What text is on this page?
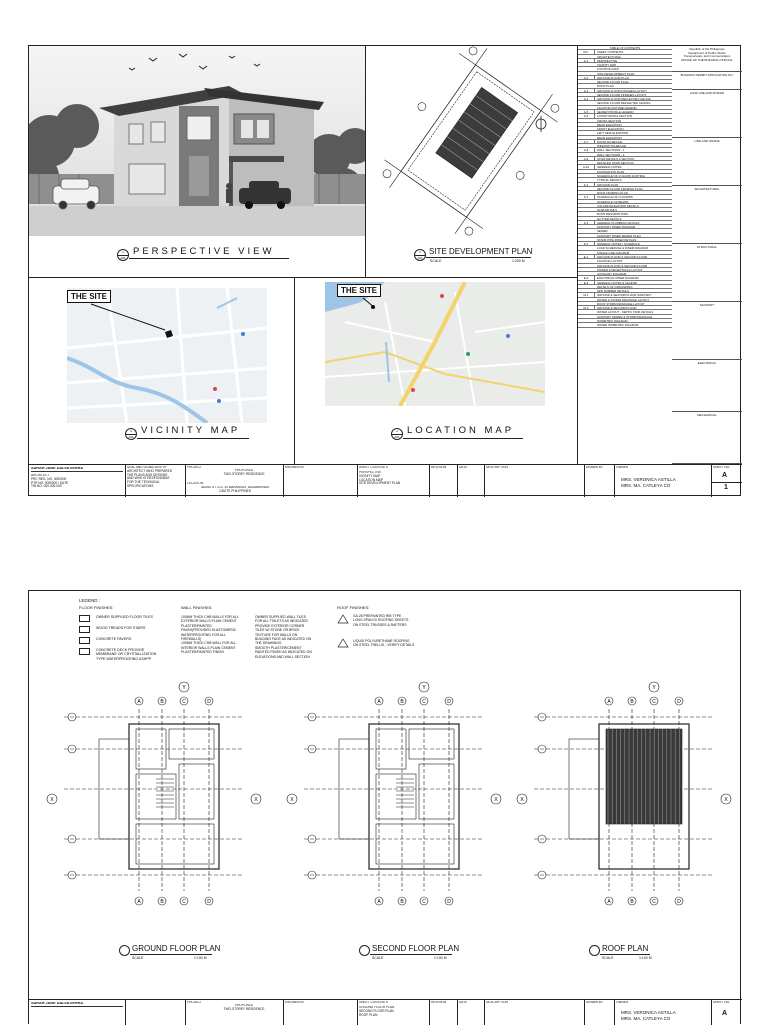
1
A01
PERSPECTIVE VIEW	2
A01
SITE DEVELOPMENT PLAN
SCALE	1:200 M
THE SITE
3
A01
VICINITY MAP
THE SITE
4
A01
LOCATION MAP
TABLE OF CONTENTS
NO.	SHEET CONTENTS
ARCHITECTURAL
A-1	PERSPECTIVE
VICINITY MAP
LOCATION MAP
SITE DEVELOPMENT PLAN
A-2	GROUND FLOOR PLAN
SECOND FLOOR PLAN
ROOF PLAN
A-3	GROUND FLOOR FINISHES LAYOUT
SECOND FLOOR FINISHES LAYOUT
A-4	GROUND FLOOR REFLECTED CEILING
SECOND FLOOR REFLECTED CEILING
LIGHTING FIXTURE LEGEND
A-5	SEWER PROFILE LEGEND
A-6	LONGITUDINAL SECTION
CROSS SECTION
REAR ELEVATION
FRONT ELEVATION
LEFT SIDE ELEVATION
REAR ELEVATION
A-7	DOOR SCHEDULE
WINDOW SCHEDULE
A-8	WALL SECTIONS - 1
WALL SECTIONS - 2
A-9	STAIR DETAILS & SECTION
DETAILED STAIR SECTION
A-10	GENERAL NOTES
FOUNDATION PLAN
SCHEDULE OF COLUMN FOOTING
TYPICAL DETAILS
S-1	GROUND PLAN
SECOND FLOOR FRAMING PLAN
ROOF FRAMING PLAN
S-2	SCHEDULE OF COLUMNS
SCHEDULE OF BEAMS
COLUMN ELEVATION DETAILS
SLAB DETAILS
ROOF DESCRIPTIONS
GUTTER DETAILS
S-3	GENERAL PLUMBING DETAILS
SANITARY RISER DIAGRAM
SEWER
SANITARY RISER SEWER PLAN
STAND PIPE RISER DETAILS
P-1	GENERAL NOTES / SCHEDULE
LOAD SCHEDULE & RISER DIAGRAM
SINGLE LINE DIAGRAM
E-1	GROUND FLOOR & SECOND FLOOR
LIGHTING LAYOUT
GROUND FLOOR & SECOND FLOOR
POWER & RECEPTACLE LAYOUT
AUXILIARY DIAGRAM
E-2	ELECTRICAL RISER DIAGRAM
E-3	GENERAL NOTES & LEGEND
DETAILS OF GROUNDING
SPD NUMBER DETAILS
M-1	GROUND & SECOND FLOOR SANITARY
WATER & STORM DRAINAGE LAYOUT
ROOF STORM DRAINAGE LAYOUT
M-2	GROUND & SECOND FLOOR
WATER LAYOUT - SEPTIC TANK DETAILS
SANITARY SEWER & STORM DRAINAGE
ISOMETRIC DIAGRAM
WATER ISOMETRIC DIAGRAM
Republic of the Philippines
Department of Public Works
Transportation and Communication
OFFICE OF THE BUILDING OFFICIAL
BUILDING PERMIT APPLICATION NO.
LAND USE AND ZONING
LINE AND GRADE
ARCHITECTURAL
STRUCTURAL
SANITARY
ELECTRICAL
MECHANICAL
SARAH JANE DALVATIERRA
ARCHITECT
PRC REG. NO. 0000000
PTR NO. 0000000 / DATE
TIN NO. 000-000-000
SEAL AND SIGNATURE OF
ARCHITECT WHO PREPARED
THE PLANS AND DESIGNS
AND WHO IS RESPONSIBLE
FOR THE TECHNICAL
SPECIFICATIONS
PROJECT
PROPOSED
TWO-STOREY RESIDENCE
LOCATION
TAGBO ST. LOT 20 BARANGAY, DASMARIÑAS,
CAVITE PHILIPPINES
ENGINEERS	SHEET CONTENTS
PERSPECTIVE
VICINITY MAP
LOCATION MAP
SITE DEVELOPMENT PLAN
REVISION	DATE	DESCRIPTION	DRAWN BY	OWNER
MRS. VERONICA ASTILLA
MRS. MA. CATLEYA CO
SHEET NO.
A
1
LEGEND :
FLOOR FINISHES:
OWNER SUPPLIED FLOOR TILES
WOOD TREADS FOR STAIRS
CONCRETE PAVERS
CONCRETE DECK PROVIDE
MEMBRANE OR CRYSTALLIZATION
TYPE WATERPROOFING ASHPP
WALL FINISHES:
100MM THICK CHB WALLS FOR ALL
EXTERIOR WALLS PLAIN CEMENT
PLASTER/PAINTED
FINISH(PROVIDED ELASTOMERIC
WATERPROOFING FOR ALL
FIREWALLS)
100MM THICK CHB WALL FOR ALL
INTERIOR WALLS PLAIN CEMENT
PLASTER/PAINTED FINISH
OWNER SUPPLIED WALL TILES
FOR ALL TOILETS AS INDICATED
PROVIDE EXTERIOR CORNER
TILES W/ STONE OR BRICK
TEXTURE FOR WALLS ON
BUILDING FACE AS INDICATED ON
THE DRAWINGS
SMOOTH PLASTER/CEMENT
PAINTED FINISH AS INDICATED ON
ELEVATIONS AND WALL SECTION
ROOF FINISHES:
GA.26 PREPAINTED RIB TYPE
LONG SPAN GI ROOFING SHEETS
ON STEEL TRUSSES & RAFTERS
LIQUID POLYURETHANE ROOFING
ON STEEL TRELLIS - VERIFY DETAILS
A
A
B
B
C
C
D
D
Y
X	X
GROUND FLOOR PLAN
SCALE	1:100 M
A
A
B
B
C
C
D
D
Y
X	X
SECOND FLOOR PLAN
SCALE	1:100 M
A
A
B
B
C
C
D
D
Y
X	X
ROOF PLAN
SCALE	1:100 M
SARAH JANE DALVATIERRA	PROJECT
PROPOSED
TWO-STOREY RESIDENCE
ENGINEERS	SHEET CONTENTS
GROUND FLOOR PLAN
SECOND FLOOR PLAN
ROOF PLAN
REVISION	DATE	DESCRIPTION	DRAWN BY	OWNER
MRS. VERONICA ASTILLA
MRS. MA. CATLEYA CO
SHEET NO.
A
